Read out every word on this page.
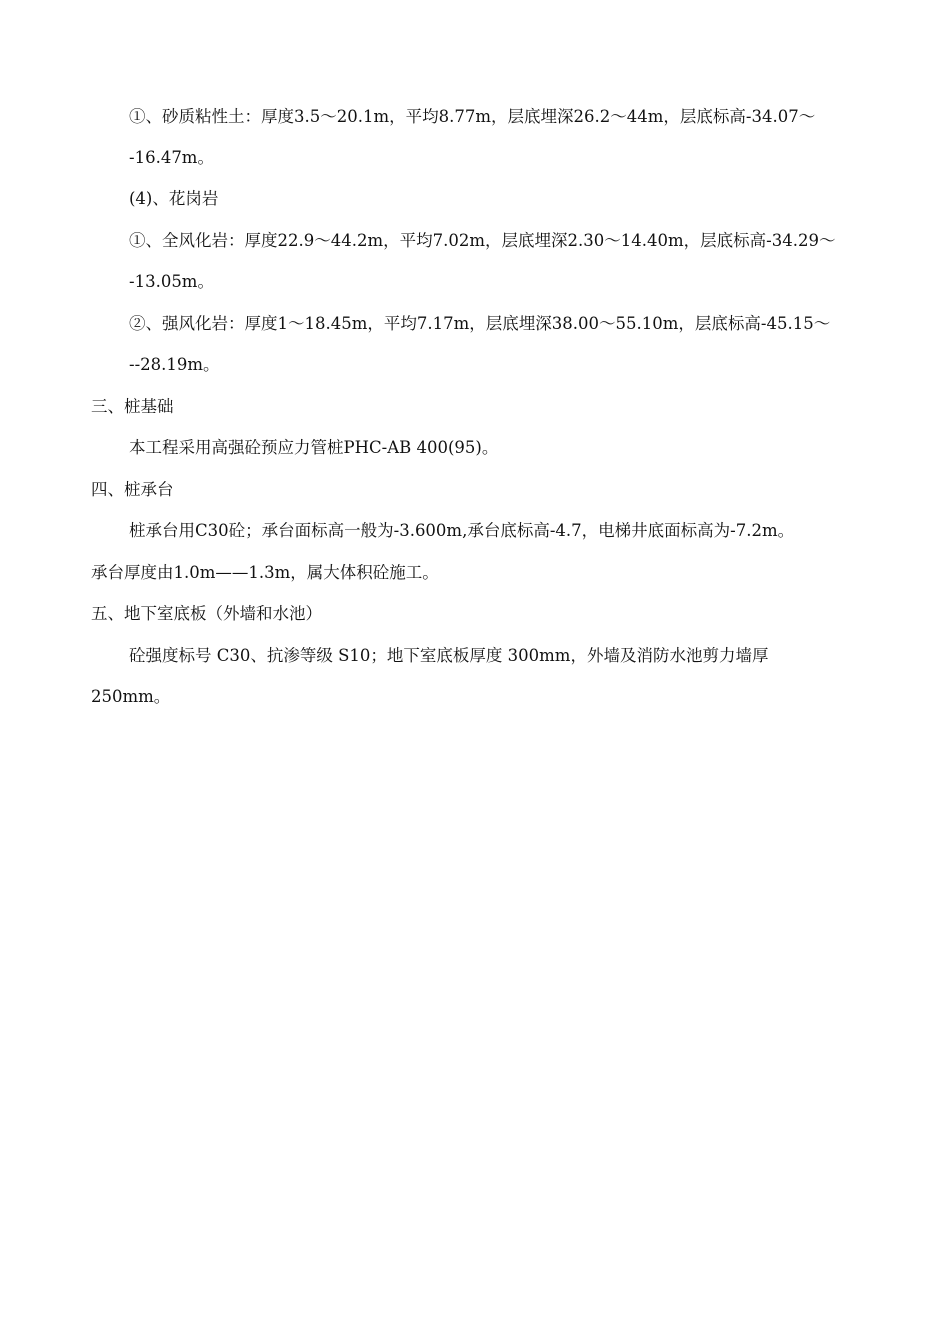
①、砂质粘性土：厚度3.5～20.1m，平均8.77m，层底埋深26.2～44m，层底标高-34.07～
-16.47m。
(4)、花岗岩
①、全风化岩：厚度22.9～44.2m，平均7.02m，层底埋深2.30～14.40m，层底标高-34.29～
-13.05m。
②、强风化岩：厚度1～18.45m，平均7.17m，层底埋深38.00～55.10m，层底标高-45.15～
--28.19m。
三、桩基础
本工程采用高强砼预应力管桩PHC-AB 400(95)。
四、桩承台
桩承台用C30砼；承台面标高一般为-3.600m,承台底标高-4.7，电梯井底面标高为-7.2m。
承台厚度由1.0m——1.3m，属大体积砼施工。
五、地下室底板（外墙和水池）
砼强度标号 C30、抗渗等级 S10；地下室底板厚度 300mm，外墙及消防水池剪力墙厚
250mm。
